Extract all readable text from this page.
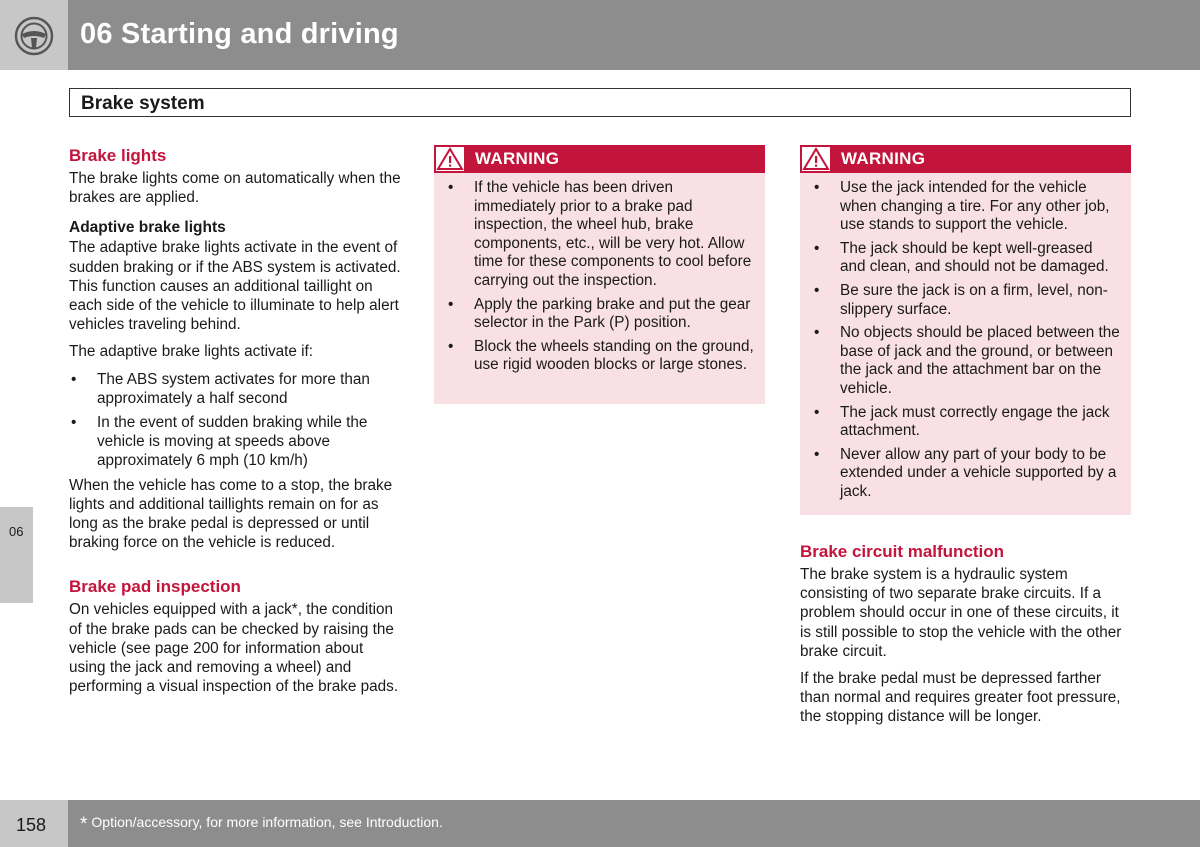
06 Starting and driving
Brake system
06
Brake lights

The brake lights come on automatically when the brakes are applied.

Adaptive brake lights

The adaptive brake lights activate in the event of sudden braking or if the ABS system is activated. This function causes an additional taillight on each side of the vehicle to illuminate to help alert vehicles traveling behind.

The adaptive brake lights activate if:

• The ABS system activates for more than approximately a half second
• In the event of sudden braking while the vehicle is moving at speeds above approximately 6 mph (10 km/h)

When the vehicle has come to a stop, the brake lights and additional taillights remain on for as long as the brake pedal is depressed or until braking force on the vehicle is reduced.

Brake pad inspection

On vehicles equipped with a jack*, the condition of the brake pads can be checked by raising the vehicle (see page 200 for information about using the jack and removing a wheel) and performing a visual inspection of the brake pads.

WARNING
• If the vehicle has been driven immediately prior to a brake pad inspection, the wheel hub, brake components, etc., will be very hot. Allow time for these components to cool before carrying out the inspection.
• Apply the parking brake and put the gear selector in the Park (P) position.
• Block the wheels standing on the ground, use rigid wooden blocks or large stones.
WARNING
• Use the jack intended for the vehicle when changing a tire. For any other job, use stands to support the vehicle.
• The jack should be kept well-greased and clean, and should not be damaged.
• Be sure the jack is on a firm, level, non-slippery surface.
• No objects should be placed between the base of jack and the ground, or between the jack and the attachment bar on the vehicle.
• The jack must correctly engage the jack attachment.
• Never allow any part of your body to be extended under a vehicle supported by a jack.
Brake circuit malfunction

The brake system is a hydraulic system consisting of two separate brake circuits. If a problem should occur in one of these circuits, it is still possible to stop the vehicle with the other brake circuit.

If the brake pedal must be depressed farther than normal and requires greater foot pressure, the stopping distance will be longer.

158 * Option/accessory, for more information, see Introduction.
